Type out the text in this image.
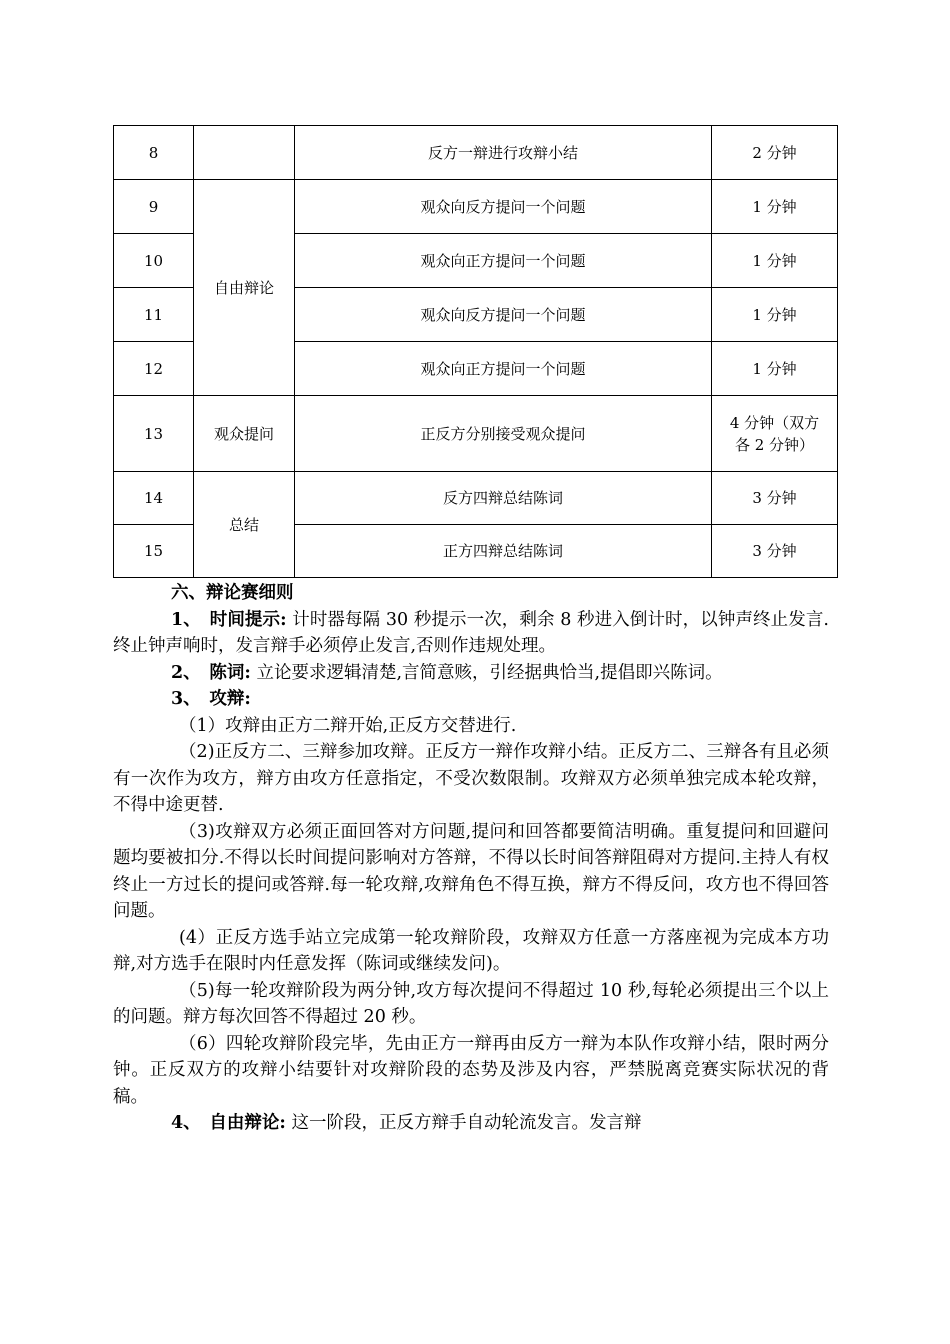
8		反方一辩进行攻辩小结	2 分钟
9	自由辩论	观众向反方提问一个问题	1 分钟
10		观众向正方提问一个问题	1 分钟
11		观众向反方提问一个问题	1 分钟
12		观众向正方提问一个问题	1 分钟
13	观众提问	正反方分别接受观众提问	4 分钟（双方各 2 分钟）
14	总结	反方四辩总结陈词	3 分钟
15		正方四辩总结陈词	3 分钟

六、辩论赛细则

1、　时间提示: 计时器每隔 30 秒提示一次，剩余 8 秒进入倒计时，以钟声终止发言.终止钟声响时，发言辩手必须停止发言,否则作违规处理。

2、　陈词: 立论要求逻辑清楚,言简意赅，引经据典恰当,提倡即兴陈词。

3、　攻辩:

（1）攻辩由正方二辩开始,正反方交替进行.

（2)正反方二、三辩参加攻辩。正反方一辩作攻辩小结。正反方二、三辩各有且必须有一次作为攻方，辩方由攻方任意指定，不受次数限制。攻辩双方必须单独完成本轮攻辩，不得中途更替.

（3)攻辩双方必须正面回答对方问题,提问和回答都要简洁明确。重复提问和回避问题均要被扣分.不得以长时间提问影响对方答辩，不得以长时间答辩阻碍对方提问.主持人有权终止一方过长的提问或答辩.每一轮攻辩,攻辩角色不得互换，辩方不得反问，攻方也不得回答问题。

(4）正反方选手站立完成第一轮攻辩阶段，攻辩双方任意一方落座视为完成本方功辩,对方选手在限时内任意发挥（陈词或继续发问)。

（5)每一轮攻辩阶段为两分钟,攻方每次提问不得超过 10 秒,每轮必须提出三个以上的问题。辩方每次回答不得超过 20 秒。

（6）四轮攻辩阶段完毕，先由正方一辩再由反方一辩为本队作攻辩小结，限时两分钟。正反双方的攻辩小结要针对攻辩阶段的态势及涉及内容，严禁脱离竞赛实际状况的背稿。

4、　自由辩论: 这一阶段，正反方辩手自动轮流发言。发言辩
